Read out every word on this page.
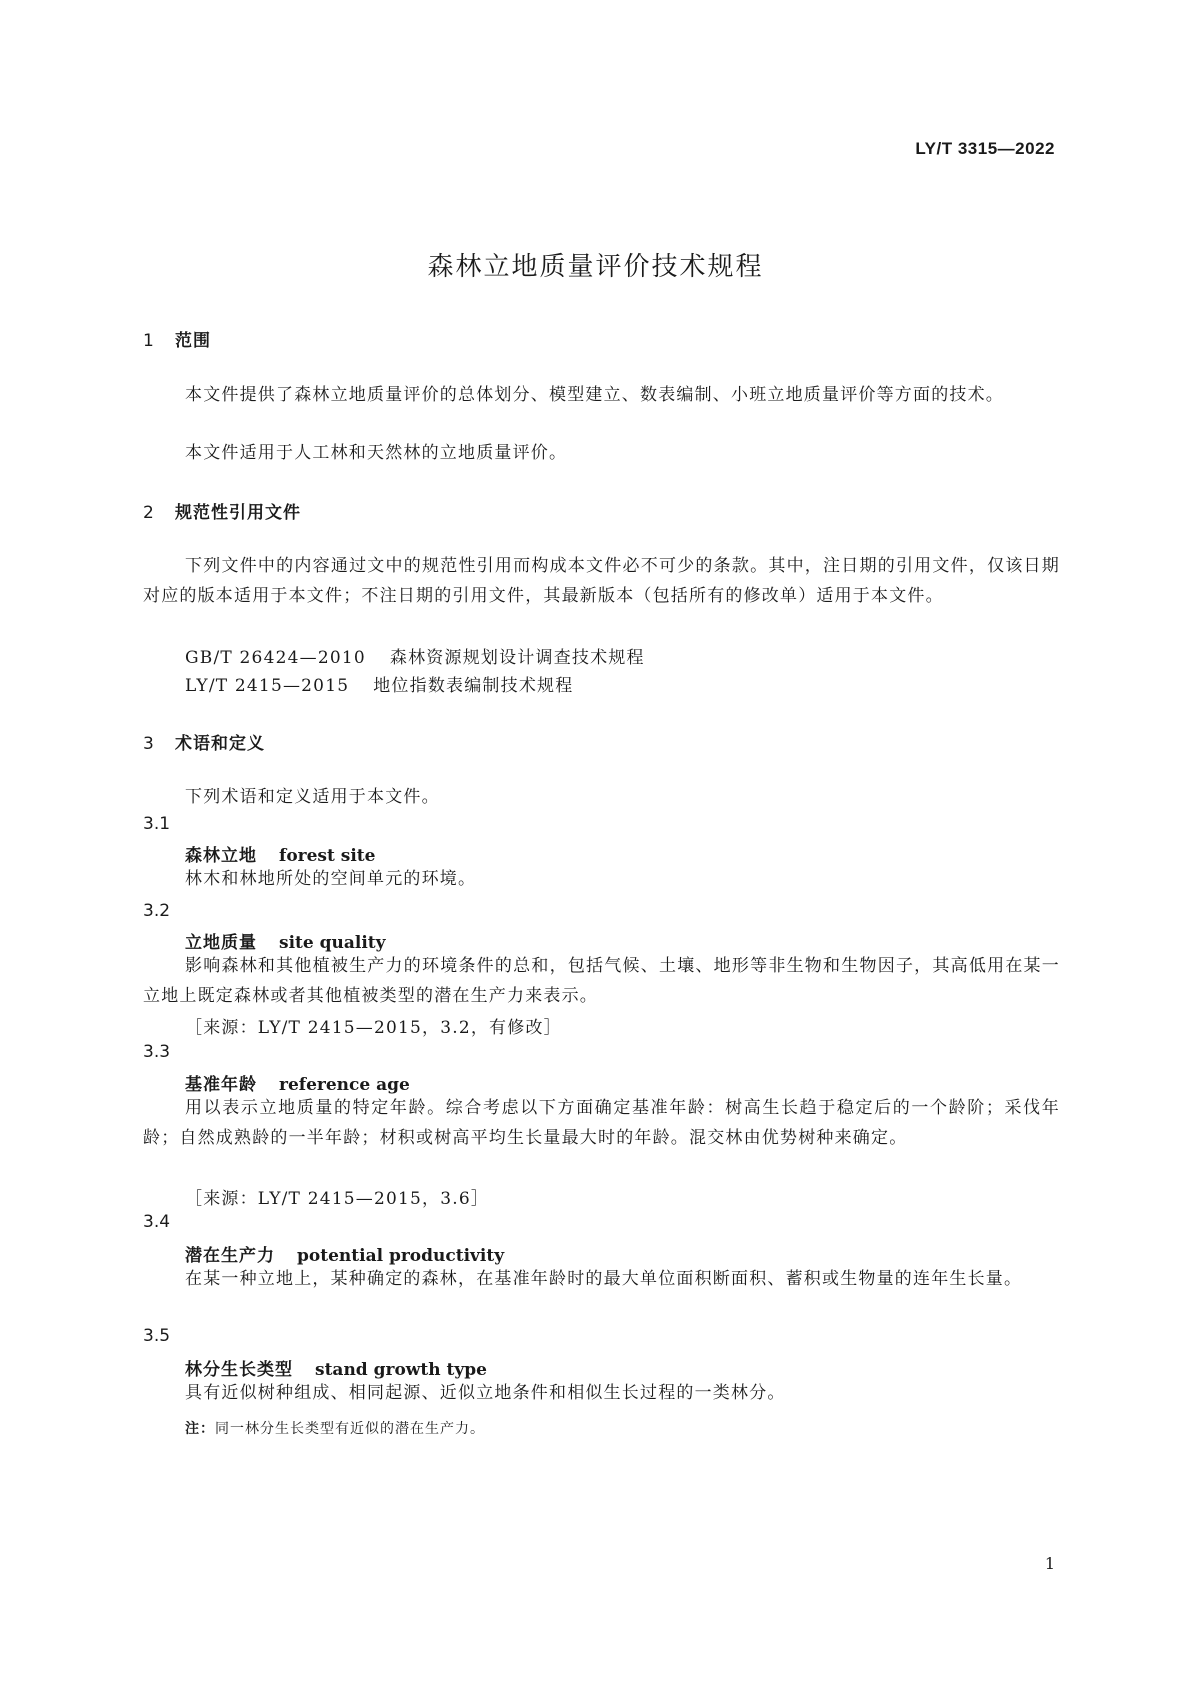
LY/T 3315—2022
森林立地质量评价技术规程
1 范围
本文件提供了森林立地质量评价的总体划分、模型建立、数表编制、小班立地质量评价等方面的技术。
本文件适用于人工林和天然林的立地质量评价。
2 规范性引用文件
下列文件中的内容通过文中的规范性引用而构成本文件必不可少的条款。其中，注日期的引用文件，仅该日期对应的版本适用于本文件；不注日期的引用文件，其最新版本（包括所有的修改单）适用于本文件。
GB/T 26424—2010 森林资源规划设计调查技术规程
LY/T 2415—2015 地位指数表编制技术规程
3 术语和定义
下列术语和定义适用于本文件。
3.1
森林立地 forest site
林木和林地所处的空间单元的环境。
3.2
立地质量 site quality
影响森林和其他植被生产力的环境条件的总和，包括气候、土壤、地形等非生物和生物因子，其高低用在某一立地上既定森林或者其他植被类型的潜在生产力来表示。
［来源：LY/T 2415—2015，3.2，有修改］
3.3
基准年龄 reference age
用以表示立地质量的特定年龄。综合考虑以下方面确定基准年龄：树高生长趋于稳定后的一个龄阶；采伐年龄；自然成熟龄的一半年龄；材积或树高平均生长量最大时的年龄。混交林由优势树种来确定。
［来源：LY/T 2415—2015，3.6］
3.4
潜在生产力 potential productivity
在某一种立地上，某种确定的森林，在基准年龄时的最大单位面积断面积、蓄积或生物量的连年生长量。
3.5
林分生长类型 stand growth type
具有近似树种组成、相同起源、近似立地条件和相似生长过程的一类林分。
注：同一林分生长类型有近似的潜在生产力。
1
